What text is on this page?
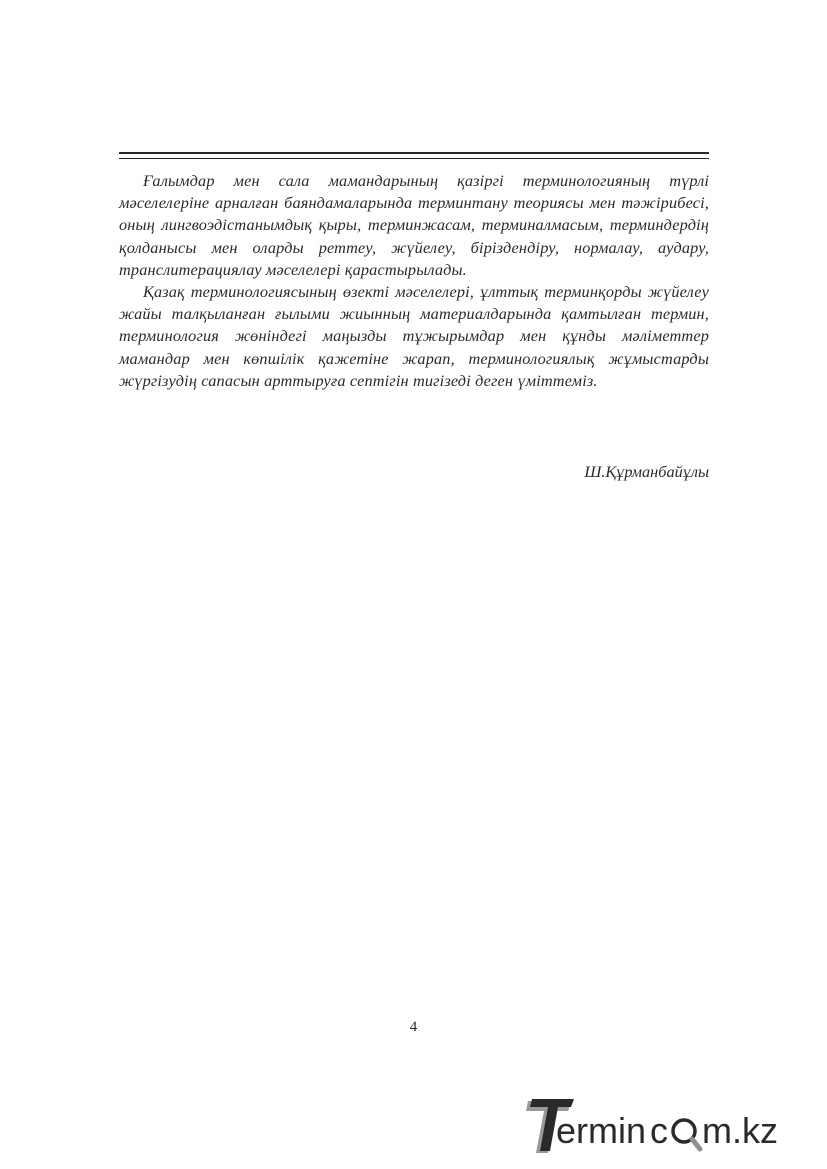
Ғалымдар мен сала мамандарының қазіргі терминологияның түрлі мәселелеріне арналған баяндамаларында терминтану теориясы мен тәжірибесі, оның лингвоэдістанымдық қыры, терминжасам, терминалмасым, терминдердің қолданысы мен оларды реттеу, жүйелеу, біріздендіру, нормалау, аудару, транслитерациялау мәселелері қарастырылады.

Қазақ терминологиясының өзекті мәселелері, ұлттық терминқорды жүйелеу жайы талқыланған ғылыми жиынның материалдарында қамтылған термин, терминология жөніндегі маңызды тұжырымдар мен құнды мәліметтер мамандар мен көпшілік қажетіне жарап, терминологиялық жұмыстарды жүргізудің сапасын арттыруға септігін тигізеді деген үміттеміз.

Ш.Құрманбайұлы
4
ermin c m.kz
